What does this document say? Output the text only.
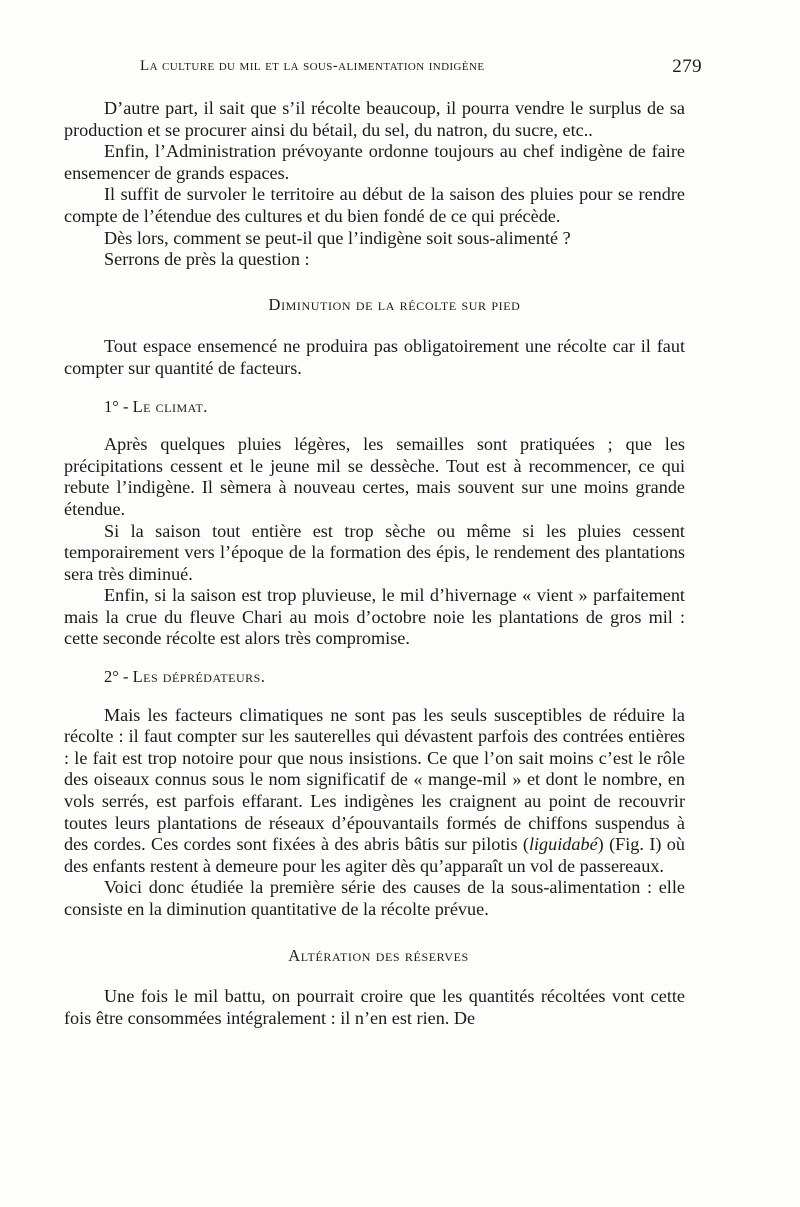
La culture du mil et la sous-alimentation indigène	279

D’autre part, il sait que s’il récolte beaucoup, il pourra vendre le surplus de sa production et se procurer ainsi du bétail, du sel, du natron, du sucre, etc..

Enfin, l’Administration prévoyante ordonne toujours au chef indigène de faire ensemencer de grands espaces.

Il suffit de survoler le territoire au début de la saison des pluies pour se rendre compte de l’étendue des cultures et du bien fondé de ce qui précède.

Dès lors, comment se peut-il que l’indigène soit sous-alimenté ?

Serrons de près la question :

Diminution de la récolte sur pied

Tout espace ensemencé ne produira pas obligatoirement une récolte car il faut compter sur quantité de facteurs.

1° - Le climat.

Après quelques pluies légères, les semailles sont pratiquées ; que les précipitations cessent et le jeune mil se dessèche. Tout est à recommencer, ce qui rebute l’indigène. Il sèmera à nouveau certes, mais souvent sur une moins grande étendue.

Si la saison tout entière est trop sèche ou même si les pluies cessent temporairement vers l’époque de la formation des épis, le rendement des plantations sera très diminué.

Enfin, si la saison est trop pluvieuse, le mil d’hivernage « vient » parfaitement mais la crue du fleuve Chari au mois d’octobre noie les plantations de gros mil : cette seconde récolte est alors très compromise.

2° - Les déprédateurs.

Mais les facteurs climatiques ne sont pas les seuls susceptibles de réduire la récolte : il faut compter sur les sauterelles qui dévastent parfois des contrées entières : le fait est trop notoire pour que nous insistions. Ce que l’on sait moins c’est le rôle des oiseaux connus sous le nom significatif de « mange-mil » et dont le nombre, en vols serrés, est parfois effarant. Les indigènes les craignent au point de recouvrir toutes leurs plantations de réseaux d’épouvantails formés de chiffons suspendus à des cordes. Ces cordes sont fixées à des abris bâtis sur pilotis (liguidabé) (Fig. I) où des enfants restent à demeure pour les agiter dès qu’apparaît un vol de passereaux.

Voici donc étudiée la première série des causes de la sous-alimentation : elle consiste en la diminution quantitative de la récolte prévue.

Altération des réserves

Une fois le mil battu, on pourrait croire que les quantités récoltées vont cette fois être consommées intégralement : il n’en est rien. De
